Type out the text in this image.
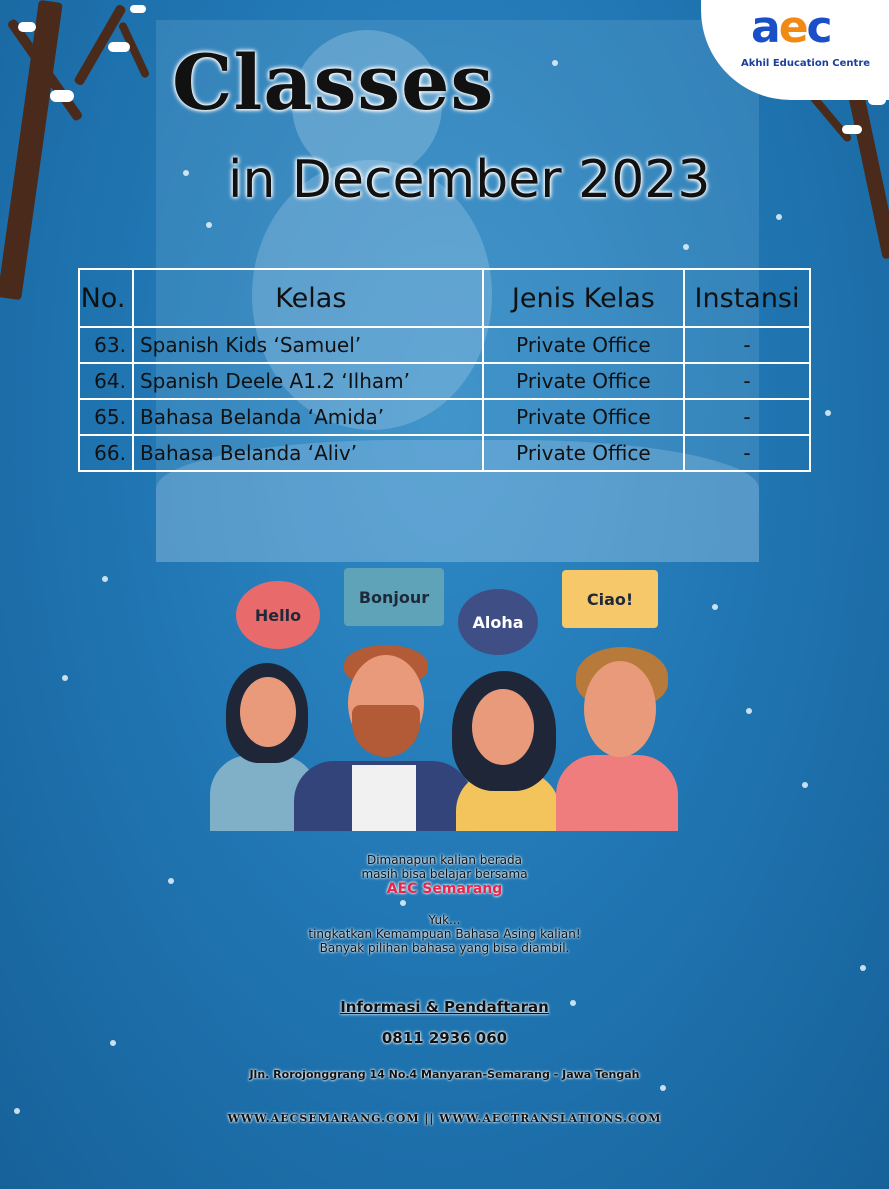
aec
Akhil Education Centre
Classes
in December 2023
No.	Kelas	Jenis Kelas	Instansi
63.	Spanish Kids ‘Samuel’	Private Office	-
64.	Spanish Deele A1.2 ‘Ilham’	Private Office	-
65.	Bahasa Belanda ‘Amida’	Private Office	-
66.	Bahasa Belanda ‘Aliv’	Private Office	-
Hello
Bonjour
Aloha
Ciao!
Dimanapun kalian berada
masih bisa belajar bersama
AEC Semarang
Yuk...
tingkatkan Kemampuan Bahasa Asing kalian!
Banyak pilihan bahasa yang bisa diambil.
Informasi & Pendaftaran
0811 2936 060
Jln. Rorojonggrang 14 No.4 Manyaran-Semarang - Jawa Tengah
WWW.AECSEMARANG.COM || WWW.AECTRANSLATIONS.COM
